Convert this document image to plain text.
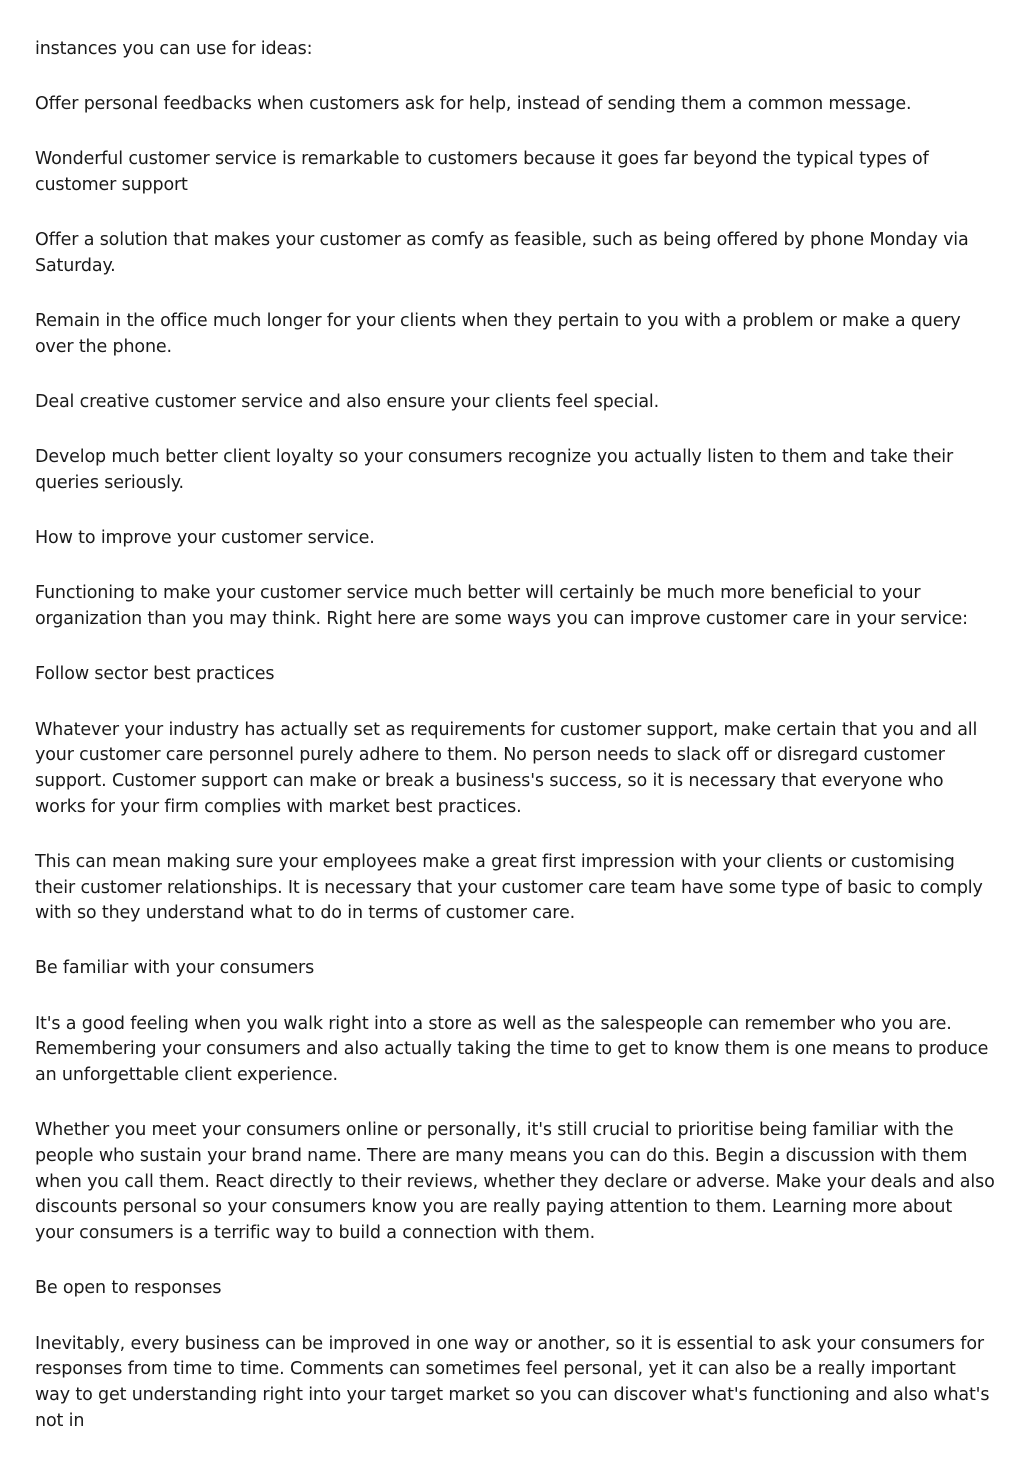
instances you can use for ideas:

Offer personal feedbacks when customers ask for help, instead of sending them a common message.

Wonderful customer service is remarkable to customers because it goes far beyond the typical types of customer support

Offer a solution that makes your customer as comfy as feasible, such as being offered by phone Monday via Saturday.

Remain in the office much longer for your clients when they pertain to you with a problem or make a query over the phone.

Deal creative customer service and also ensure your clients feel special.

Develop much better client loyalty so your consumers recognize you actually listen to them and take their queries seriously.

How to improve your customer service.

Functioning to make your customer service much better will certainly be much more beneficial to your organization than you may think. Right here are some ways you can improve customer care in your service:

Follow sector best practices

Whatever your industry has actually set as requirements for customer support, make certain that you and all your customer care personnel purely adhere to them. No person needs to slack off or disregard customer support. Customer support can make or break a business's success, so it is necessary that everyone who works for your firm complies with market best practices.

This can mean making sure your employees make a great first impression with your clients or customising their customer relationships. It is necessary that your customer care team have some type of basic to comply with so they understand what to do in terms of customer care.

Be familiar with your consumers

It's a good feeling when you walk right into a store as well as the salespeople can remember who you are. Remembering your consumers and also actually taking the time to get to know them is one means to produce an unforgettable client experience.

Whether you meet your consumers online or personally, it's still crucial to prioritise being familiar with the people who sustain your brand name. There are many means you can do this. Begin a discussion with them when you call them. React directly to their reviews, whether they declare or adverse. Make your deals and also discounts personal so your consumers know you are really paying attention to them. Learning more about your consumers is a terrific way to build a connection with them.

Be open to responses

Inevitably, every business can be improved in one way or another, so it is essential to ask your consumers for responses from time to time. Comments can sometimes feel personal, yet it can also be a really important way to get understanding right into your target market so you can discover what's functioning and also what's not in
